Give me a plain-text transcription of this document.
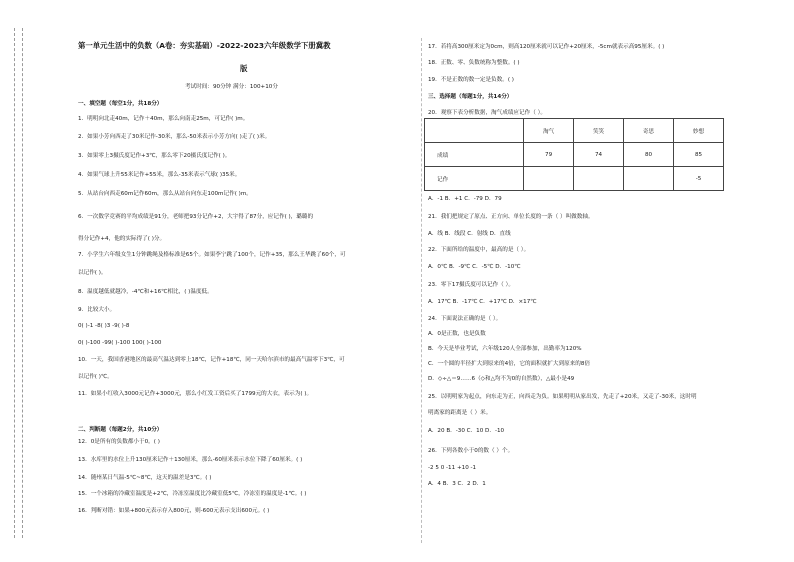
第一单元生活中的负数（A卷：夯实基础）-2022-2023六年级数学下册冀教
版
考试时间：90分钟 满分：100+10分
一、填空题（每空1分，共18分）
1．明明向北走40m，记作＋40m，那么向南走25m，可记作( )m。
2．如果小芳向西走了30米记作-30米，那么-50米表示小芳方向( )走了( )米。
3．如果零上3摄氏度记作+3℃，那么零下20摄氏度记作( )。
4．如果气球上升55米记作+55米，那么-35米表示气球( )35米。
5．从站台向西走60m记作60m，那么从站台向东走100m记作( )m。
6．一次数学竞赛的平均成绩是91分，老师把93分记作+2，大宇得了87分，应记作( )，璐璐的
得分记作+4，他的实际得了( )分。
7．小学生六年级女生1分钟跳绳及格标准是65个。如果李宁跳了100个，记作+35，那么王华跳了60个，可
以记作( )。
8．温度越低就越冷，-4℃和+16℃相比，( )温度低。
9．比较大小。
0( )-1 -8( )3 -9( )-8
0( )-100 -99( )-100 100( )-100
10．一天，我国香港地区的最高气温达到零上18℃，记作+18℃，同一天哈尔滨市的最高气温零下3℃，可
以记作( )℃。
11．如果小红收入3000元记作+3000元，那么小红发工资后买了1799元的大衣，表示为( )。
二、判断题（每题2分，共10分）
12．0是所有的负数都小于0。( )
13．水库里的水位上升130厘米记作＋130厘米，那么-60厘米表示水位下降了60厘米。( )
14．随州某日气温-5℃~8℃，这天的温差是3℃。( )
15．一个冰箱的冷藏室温度是+2℃，冷冻室温度比冷藏室低5℃，冷冻室的温度是-1℃。( )
16．判断对错：如果+800元表示存入800元，则-600元表示支出600元。( )
17．若将高300厘米定为0cm，则高120厘米就可以记作+20厘米，-5cm就表示高95厘米。( )
18．正数、零、负数统称为整数。( )
19．不是正数的数一定是负数。( )
三、选择题（每题1分，共14分）
20．观察下表分析数据，淘气成绩应记作（ ）。
	淘气	笑笑	奇思	妙想
成绩	79	74	80	85
记作				-5
A．-1 B．+1 C．-79 D．79
21．我们把规定了原点、正方向、单位长度的一条（ ）叫做数轴。
A．线 B．线段 C．射线 D．直线
22．下面所给的温度中，最高的是（ ）。
A．0℃ B．-9℃ C．-5℃ D．-10℃
23．零下17摄氏度可以记作（ ）。
A．17℃ B．-17℃ C．+17℃ D．×17℃
24．下面说法正确的是（ ）。
A．0是正数，也是负数
B．今天是毕业考试，六年级120人全部参加，出勤率为120%
C．一个圆的半径扩大到原来的4倍，它的面积就扩大到原来的8倍
D．◇÷△＝9……6（◇和△均不为0的自然数），△最小是49
25．以明明家为起点，向东走为正，向西走为负。如果明明从家出发，先走了+20米，又走了-30米，这时明
明离家的距离是（ ）米。
A．20 B．-30 C．10 D．-10
26．下列各数小于0的数（ ）个。
-2 5 0 -11 +10 -1
A．4 B．3 C．2 D．1
